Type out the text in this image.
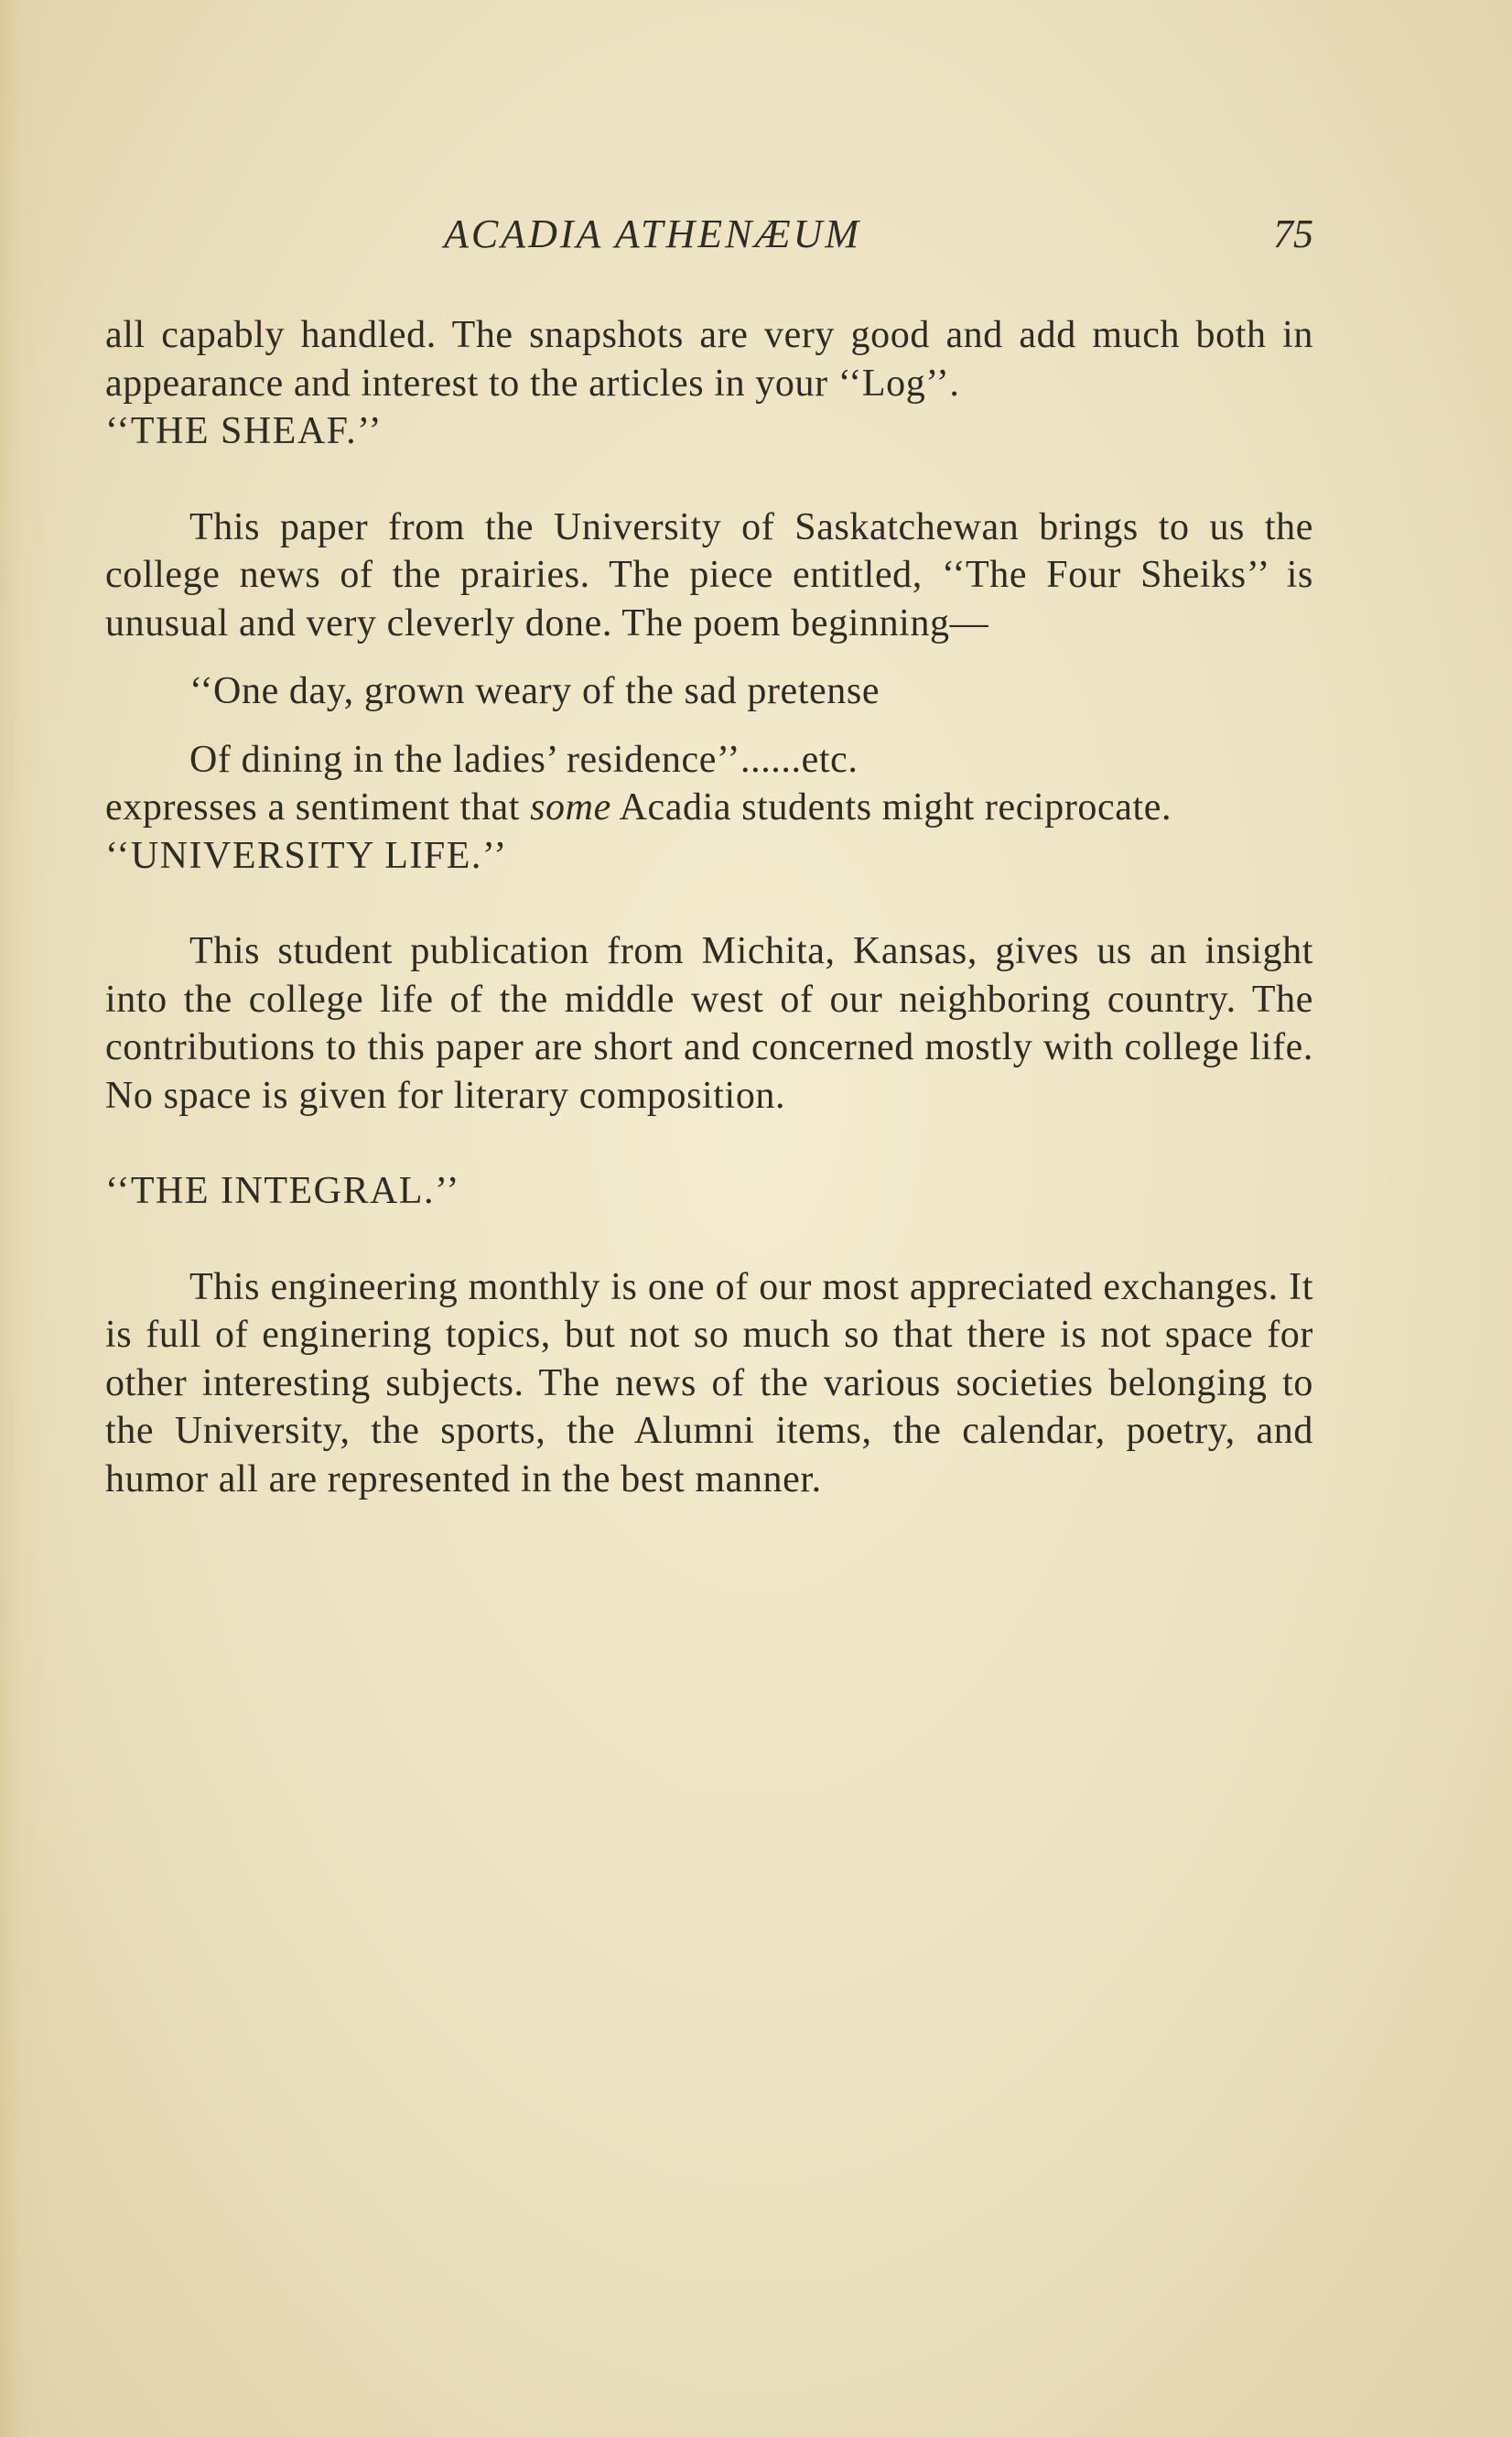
ACADIA ATHENÆUM	75

all capably handled. The snapshots are very good and add much both in appearance and interest to the articles in your ‘‘Log’’.

‘‘THE SHEAF.’’

This paper from the University of Saskatchewan brings to us the college news of the prairies. The piece entitled, ‘‘The Four Sheiks’’ is unusual and very cleverly done. The poem beginning—

‘‘One day, grown weary of the sad pretense

Of dining in the ladies’ residence’’......etc.

expresses a sentiment that some Acadia students might reciprocate.

‘‘UNIVERSITY LIFE.’’

This student publication from Michita, Kansas, gives us an insight into the college life of the middle west of our neighboring country. The contributions to this paper are short and concerned mostly with college life. No space is given for literary composition.

‘‘THE INTEGRAL.’’

This engineering monthly is one of our most appreciated exchanges. It is full of enginering topics, but not so much so that there is not space for other interesting subjects. The news of the various societies belonging to the University, the sports, the Alumni items, the calendar, poetry, and humor all are represented in the best manner.
